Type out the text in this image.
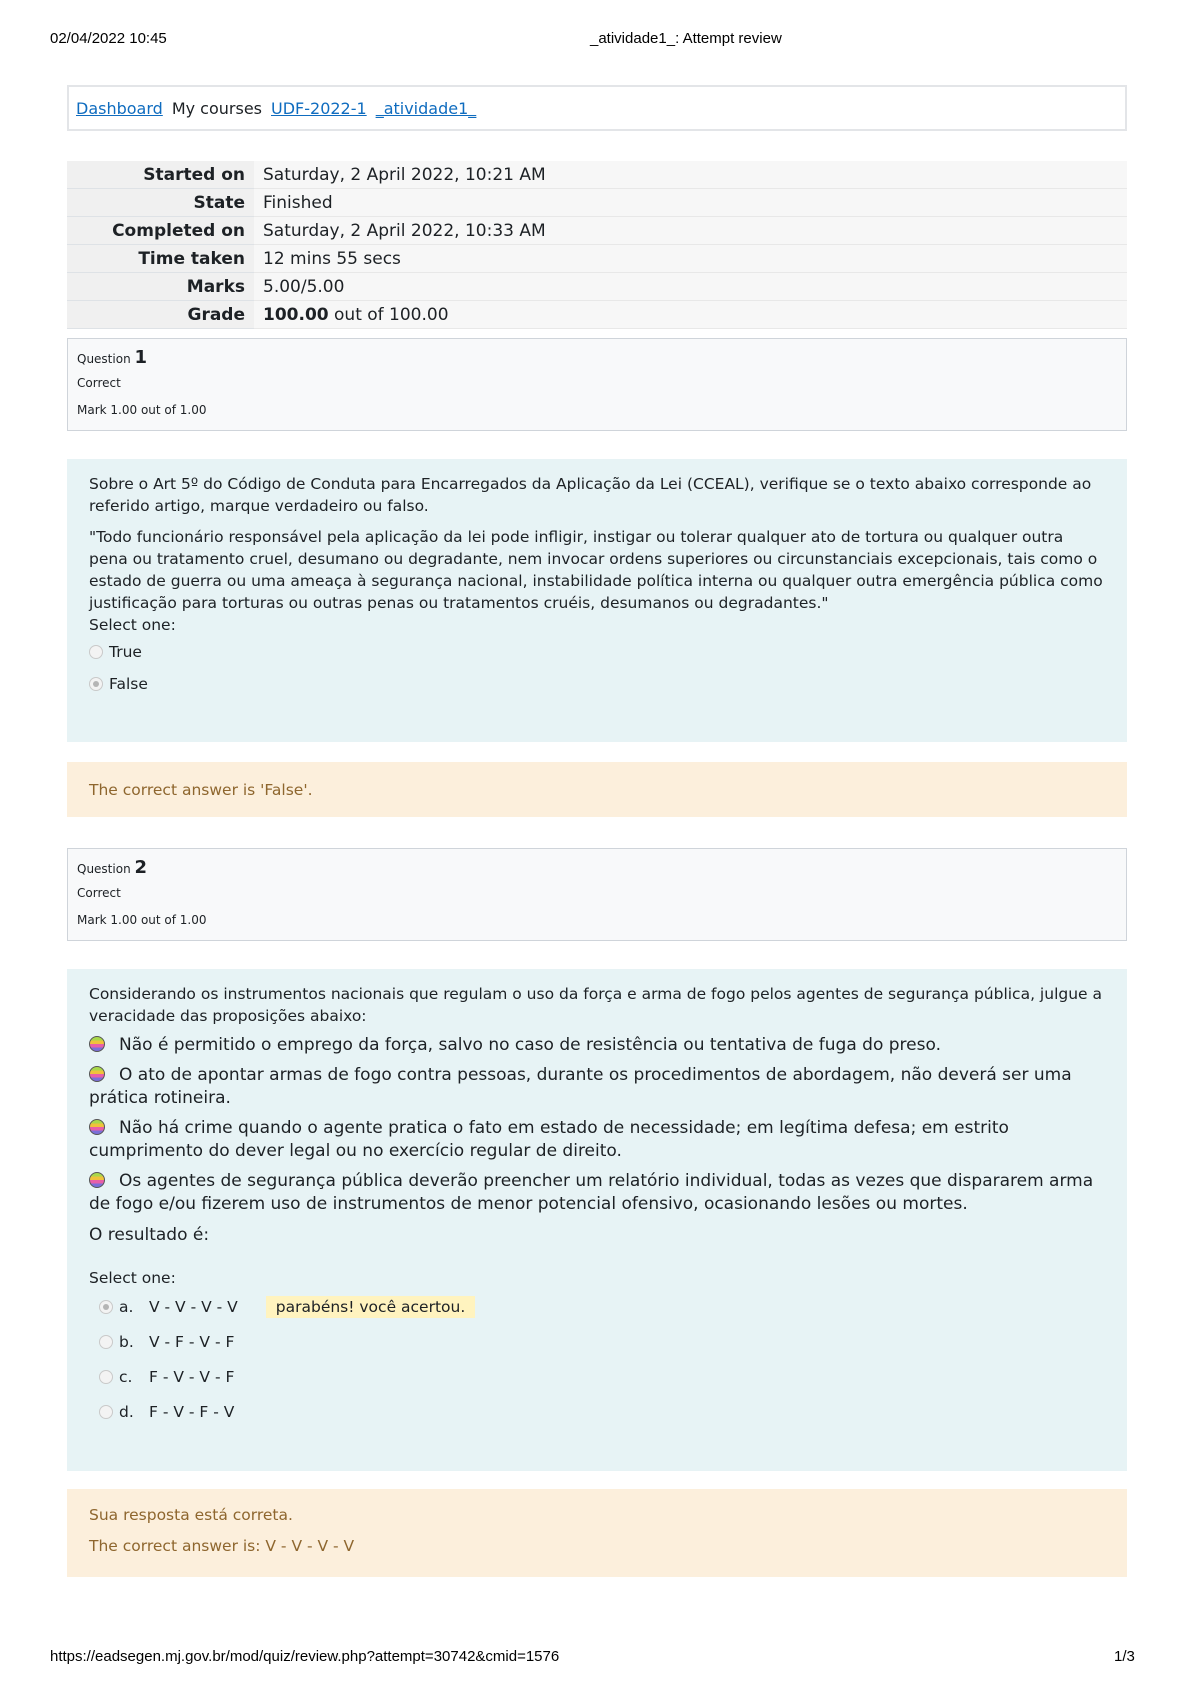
02/04/2022 10:45	_atividade1_: Attempt review
Dashboard My courses UDF-2022-1 _atividade1_
Started on	Saturday, 2 April 2022, 10:21 AM
State	Finished
Completed on	Saturday, 2 April 2022, 10:33 AM
Time taken	12 mins 55 secs
Marks	5.00/5.00
Grade	100.00 out of 100.00
Question 1
Correct
Mark 1.00 out of 1.00

Sobre o Art 5º do Código de Conduta para Encarregados da Aplicação da Lei (CCEAL), verifique se o texto abaixo corresponde ao referido artigo, marque verdadeiro ou falso.

"Todo funcionário responsável pela aplicação da lei pode infligir, instigar ou tolerar qualquer ato de tortura ou qualquer outra pena ou tratamento cruel, desumano ou degradante, nem invocar ordens superiores ou circunstanciais excepcionais, tais como o estado de guerra ou uma ameaça à segurança nacional, instabilidade política interna ou qualquer outra emergência pública como justificação para torturas ou outras penas ou tratamentos cruéis, desumanos ou degradantes."

Select one:

True
False
The correct answer is 'False'.
Question 2
Correct
Mark 1.00 out of 1.00

Considerando os instrumentos nacionais que regulam o uso da força e arma de fogo pelos agentes de segurança pública, julgue a veracidade das proposições abaixo:

Não é permitido o emprego da força, salvo no caso de resistência ou tentativa de fuga do preso.
O ato de apontar armas de fogo contra pessoas, durante os procedimentos de abordagem, não deverá ser uma prática rotineira.
Não há crime quando o agente pratica o fato em estado de necessidade; em legítima defesa; em estrito cumprimento do dever legal ou no exercício regular de direito.
Os agentes de segurança pública deverão preencher um relatório individual, todas as vezes que dispararem arma de fogo e/ou fizerem uso de instrumentos de menor potencial ofensivo, ocasionando lesões ou mortes.
O resultado é:

Select one:

a.	V - V - V - V	parabéns! você acertou.
b. V - F - V - F
c.	F - V - V - F
d. F - V - F - V
Sua resposta está correta.
The correct answer is: V - V - V - V
https://eadsegen.mj.gov.br/mod/quiz/review.php?attempt=30742&cmid=1576	1/3
